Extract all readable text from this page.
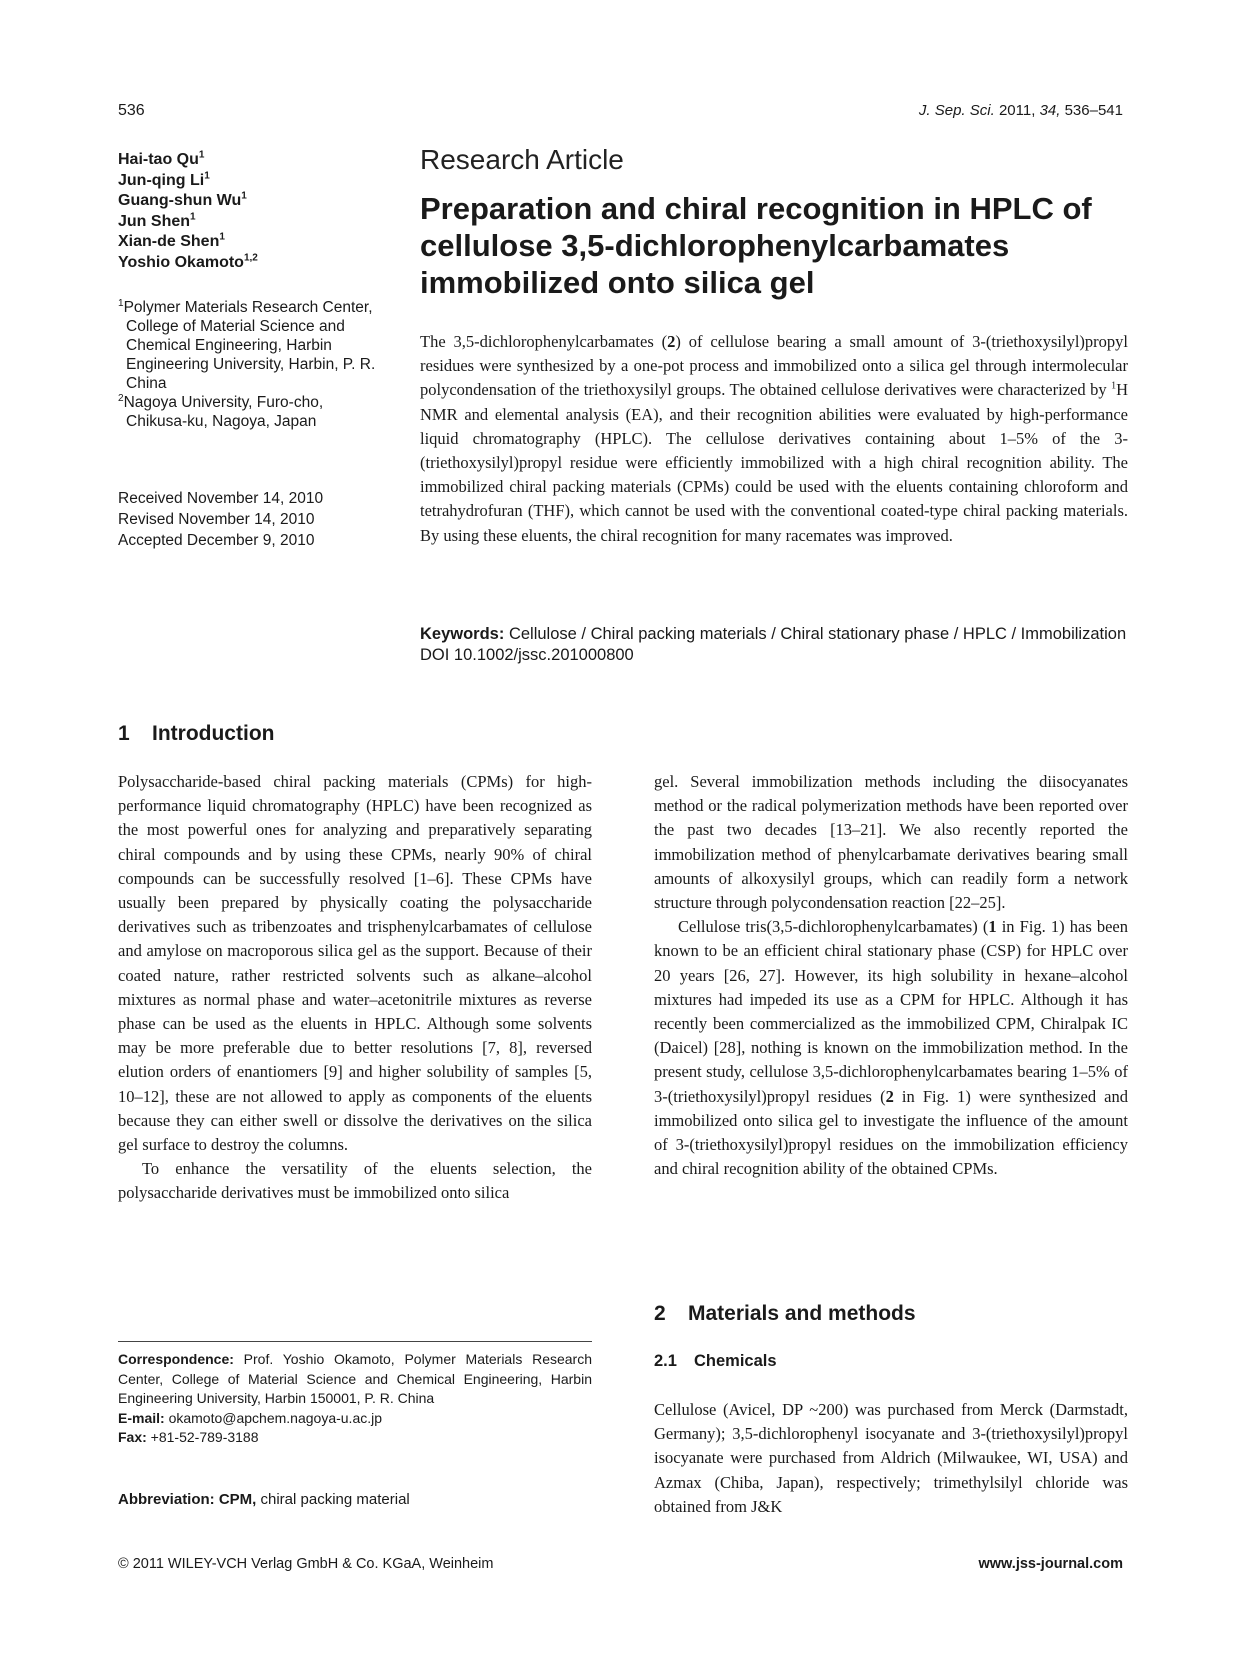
536	J. Sep. Sci. 2011, 34, 536–541
Hai-tao Qu$^1$
Jun-qing Li$^1$
Guang-shun Wu$^1$
Jun Shen$^1$
Xian-de Shen$^1$
Yoshio Okamoto$^{1,2}$
$^1$Polymer Materials Research Center, College of Material Science and Chemical Engineering, Harbin Engineering University, Harbin, P. R. China
$^2$Nagoya University, Furo-cho, Chikusa-ku, Nagoya, Japan
Received November 14, 2010
Revised November 14, 2010
Accepted December 9, 2010
Research Article
Preparation and chiral recognition in HPLC of cellulose 3,5-dichlorophenylcarbamates immobilized onto silica gel
The 3,5-dichlorophenylcarbamates (2) of cellulose bearing a small amount of 3-(triethoxysilyl)propyl residues were synthesized by a one-pot process and immobilized onto a silica gel through intermolecular polycondensation of the triethoxysilyl groups. The obtained cellulose derivatives were characterized by $^1$H NMR and elemental analysis (EA), and their recognition abilities were evaluated by high-performance liquid chromatography (HPLC). The cellulose derivatives containing about 1–5% of the 3-(triethoxysilyl)propyl residue were efficiently immobilized with a high chiral recognition ability. The immobilized chiral packing materials (CPMs) could be used with the eluents containing chloroform and tetrahydrofuran (THF), which cannot be used with the conventional coated-type chiral packing materials. By using these eluents, the chiral recognition for many racemates was improved.
Keywords: Cellulose / Chiral packing materials / Chiral stationary phase / HPLC / Immobilization
DOI 10.1002/jssc.201000800
1 Introduction

Polysaccharide-based chiral packing materials (CPMs) for high-performance liquid chromatography (HPLC) have been recognized as the most powerful ones for analyzing and preparatively separating chiral compounds and by using these CPMs, nearly 90% of chiral compounds can be successfully resolved [1–6]. These CPMs have usually been prepared by physically coating the polysaccharide derivatives such as tribenzoates and trisphenylcarbamates of cellulose and amylose on macroporous silica gel as the support. Because of their coated nature, rather restricted solvents such as alkane–alcohol mixtures as normal phase and water–acetonitrile mixtures as reverse phase can be used as the eluents in HPLC. Although some solvents may be more preferable due to better resolutions [7, 8], reversed elution orders of enantiomers [9] and higher solubility of samples [5, 10–12], these are not allowed to apply as components of the eluents because they can either swell or dissolve the derivatives on the silica gel surface to destroy the columns.

To enhance the versatility of the eluents selection, the polysaccharide derivatives must be immobilized onto silica

Correspondence: Prof. Yoshio Okamoto, Polymer Materials Research Center, College of Material Science and Chemical Engineering, Harbin Engineering University, Harbin 150001, P. R. China
E-mail: okamoto@apchem.nagoya-u.ac.jp
Fax: +81-52-789-3188
Abbreviation: CPM, chiral packing material

gel. Several immobilization methods including the diisocyanates method or the radical polymerization methods have been reported over the past two decades [13–21]. We also recently reported the immobilization method of phenylcarbamate derivatives bearing small amounts of alkoxysilyl groups, which can readily form a network structure through polycondensation reaction [22–25].

Cellulose tris(3,5-dichlorophenylcarbamates) (1 in Fig. 1) has been known to be an efficient chiral stationary phase (CSP) for HPLC over 20 years [26, 27]. However, its high solubility in hexane–alcohol mixtures had impeded its use as a CPM for HPLC. Although it has recently been commercialized as the immobilized CPM, Chiralpak IC (Daicel) [28], nothing is known on the immobilization method. In the present study, cellulose 3,5-dichlorophenylcarbamates bearing 1–5% of 3-(triethoxysilyl)propyl residues (2 in Fig. 1) were synthesized and immobilized onto silica gel to investigate the influence of the amount of 3-(triethoxysilyl)propyl residues on the immobilization efficiency and chiral recognition ability of the obtained CPMs.

2 Materials and methods
2.1 Chemicals

Cellulose (Avicel, DP ~200) was purchased from Merck (Darmstadt, Germany); 3,5-dichlorophenyl isocyanate and 3-(triethoxysilyl)propyl isocyanate were purchased from Aldrich (Milwaukee, WI, USA) and Azmax (Chiba, Japan), respectively; trimethylsilyl chloride was obtained from J&K

© 2011 WILEY-VCH Verlag GmbH & Co. KGaA, Weinheim	www.jss-journal.com
